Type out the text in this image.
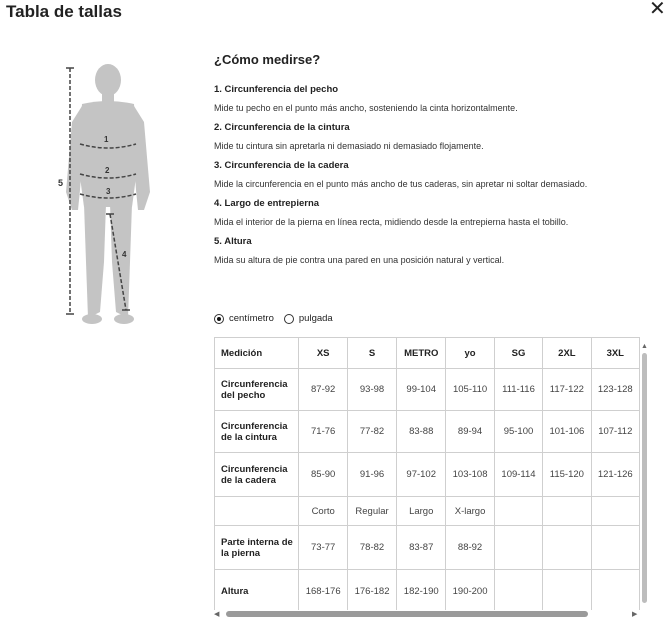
Tabla de tallas	✕
1
2
3
4
5
¿Cómo medirse?

1. Circunferencia del pecho

Mide tu pecho en el punto más ancho, sosteniendo la cinta horizontalmente.

2. Circunferencia de la cintura

Mide tu cintura sin apretarla ni demasiado ni demasiado flojamente.

3. Circunferencia de la cadera

Mide la circunferencia en el punto más ancho de tus caderas, sin apretar ni soltar demasiado.

4. Largo de entrepierna

Mida el interior de la pierna en línea recta, midiendo desde la entrepierna hasta el tobillo.

5. Altura

Mida su altura de pie contra una pared en una posición natural y vertical.

centímetro	pulgada
Medición	XS	S	METRO	yo	SG	2XL	3XL
Circunferencia del pecho	87-92	93-98	99-104	105-110	111-116	117-122	123-128
Circunferencia de la cintura	71-76	77-82	83-88	89-94	95-100	101-106	107-112
Circunferencia de la cadera	85-90	91-96	97-102	103-108	109-114	115-120	121-126
	Corto	Regular	Largo	X-largo			
Parte interna de la pierna	73-77	78-82	83-87	88-92			
Altura	168-176	176-182	182-190	190-200			
▲
◀	▶
